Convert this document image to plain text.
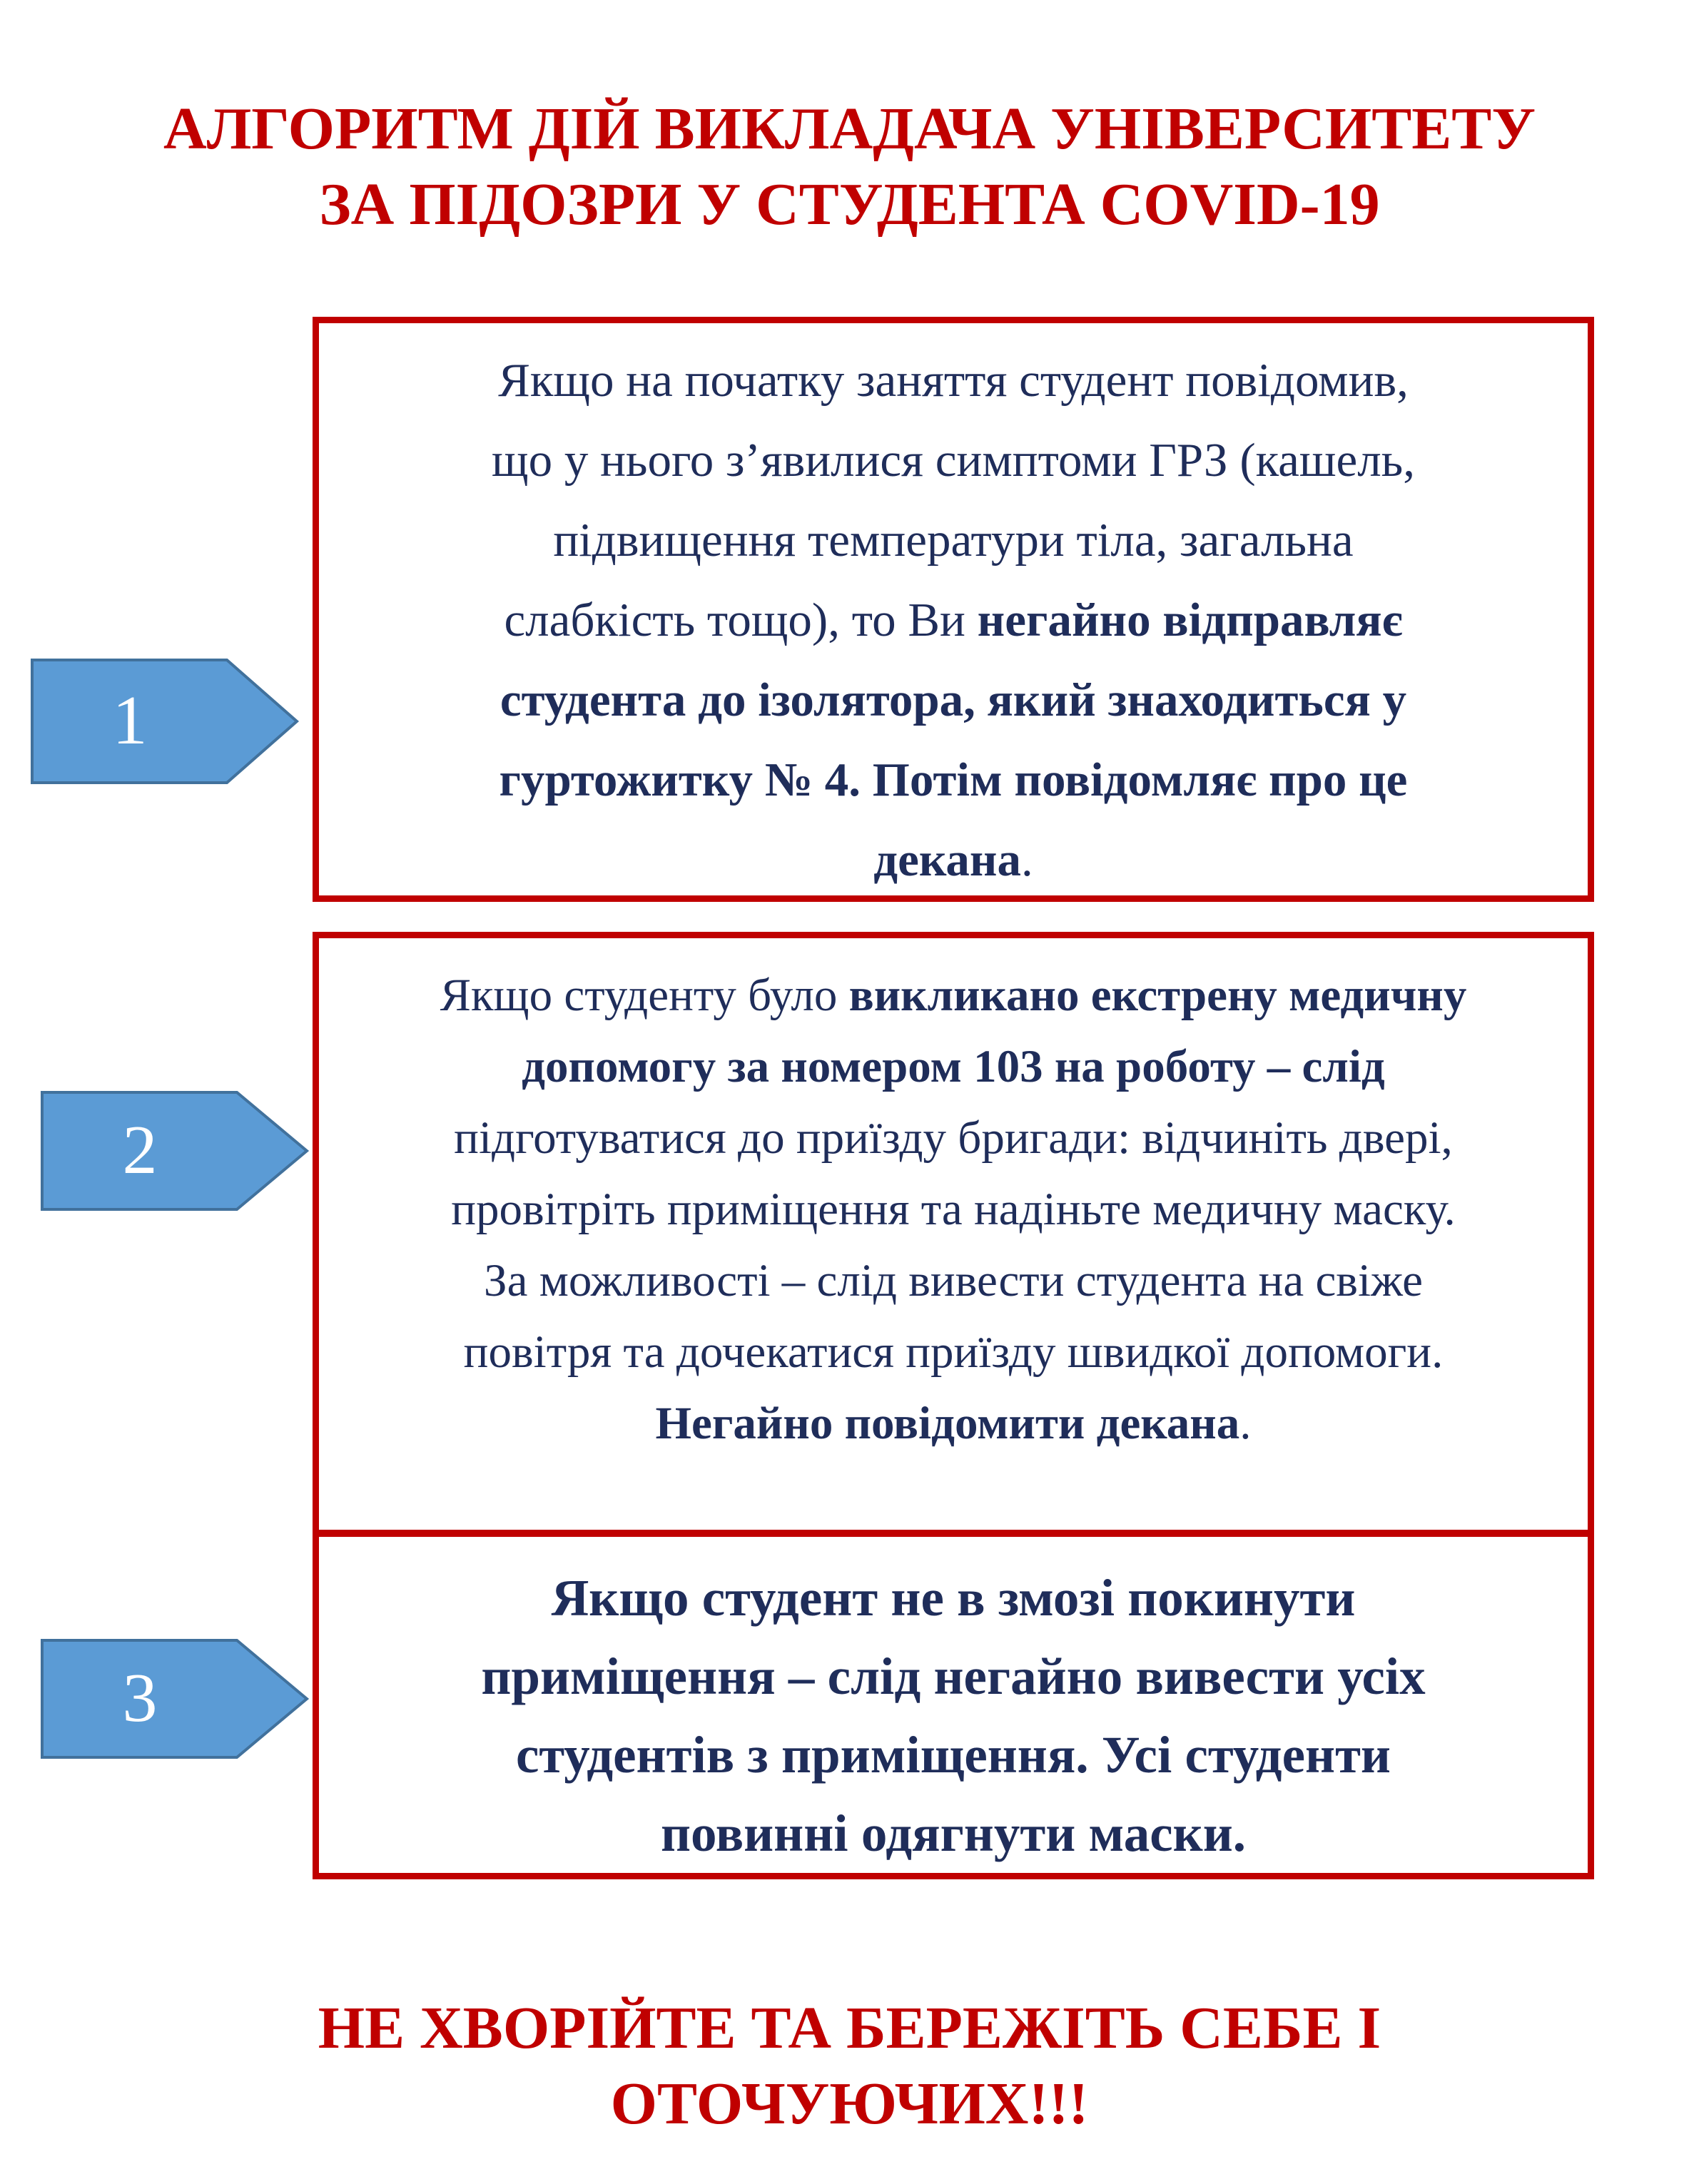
АЛГОРИТМ ДІЙ ВИКЛАДАЧА УНІВЕРСИТЕТУ
ЗА ПІДОЗРИ У СТУДЕНТА COVID-19
1
Якщо на початку заняття студент повідомив,
що у нього з’явилися симптоми ГРЗ (кашель,
підвищення температури тіла, загальна
слабкість тощо), то Ви негайно відправляє
студента до ізолятора, який знаходиться у
гуртожитку № 4. Потім повідомляє про це
декана.
2
Якщо студенту було викликано екстрену медичну
допомогу за номером 103 на роботу – слід
підготуватися до приїзду бригади: відчиніть двері,
провітріть приміщення та надіньте медичну маску.
За можливості – слід вивести студента на свіже
повітря та дочекатися приїзду швидкої допомоги.
Негайно повідомити декана.
3
Якщо студент не в змозі покинути
приміщення – слід негайно вивести усіх
студентів з приміщення. Усі студенти
повинні одягнути маски.
НЕ ХВОРІЙТЕ ТА БЕРЕЖІТЬ СЕБЕ І
ОТОЧУЮЧИХ!!!
